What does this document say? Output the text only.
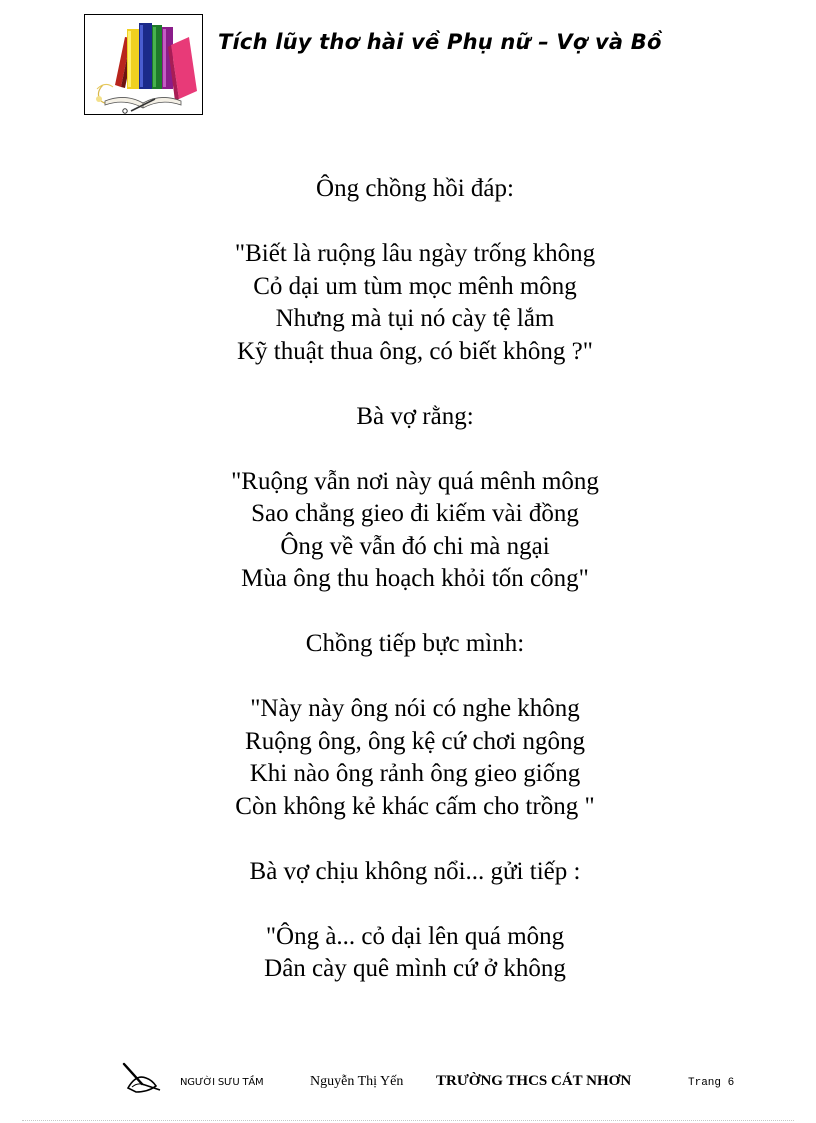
Tích lũy thơ hài về Phụ nữ – Vợ và Bồ
Ông chồng hồi đáp:
"Biết là ruộng lâu ngày trống không
Cỏ dại um tùm mọc mênh mông
Nhưng mà tụi nó cày tệ lắm
Kỹ thuật thua ông, có biết không ?"
Bà vợ rằng:
"Ruộng vẫn nơi này quá mênh mông
Sao chẳng gieo đi kiếm vài đồng
Ông về vẫn đó chi mà ngại
Mùa ông thu hoạch khỏi tốn công"
Chồng tiếp bực mình:
"Này này ông nói có nghe không
Ruộng ông, ông kệ cứ chơi ngông
Khi nào ông rảnh ông gieo giống
Còn không kẻ khác cấm cho trồng "
Bà vợ chịu không nổi... gửi tiếp :
"Ông à... cỏ dại lên quá mông
Dân cày quê mình cứ ở không
NGƯỜI SƯU TẦM	Nguyễn Thị Yến TRƯỜNG THCS CÁT NHƠN	Trang 6
